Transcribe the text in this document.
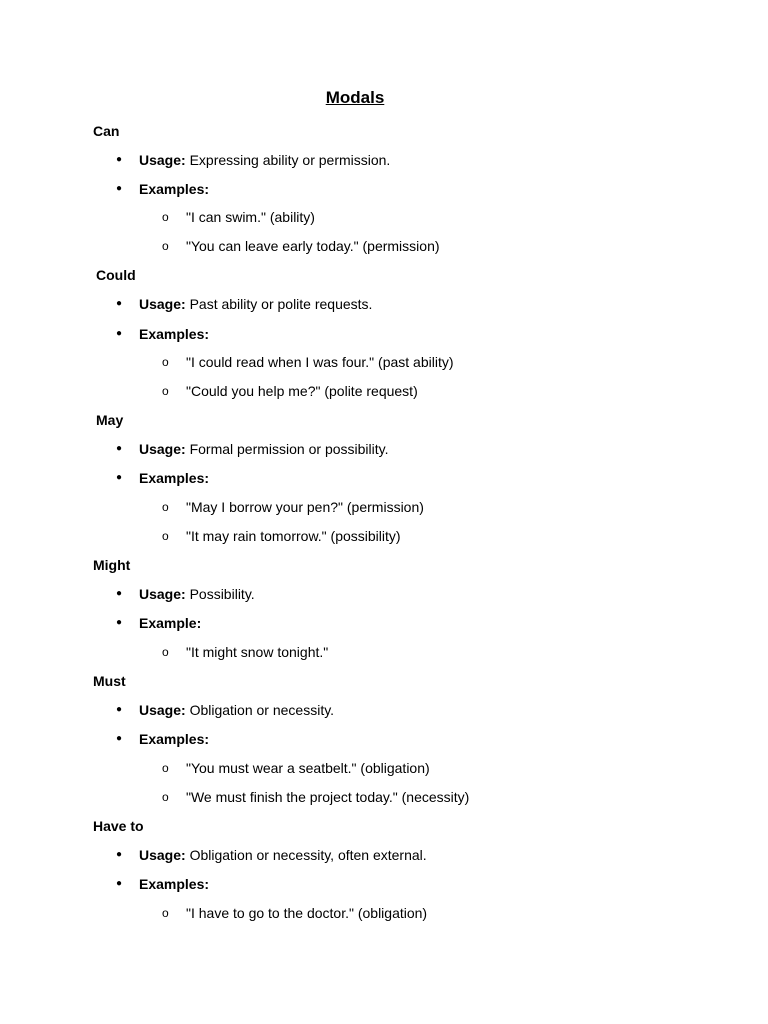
Modals
Can
● Usage: Expressing ability or permission.
● Examples:
o "I can swim." (ability)
o "You can leave early today." (permission)
Could
● Usage: Past ability or polite requests.
● Examples:
o "I could read when I was four." (past ability)
o "Could you help me?" (polite request)
May
● Usage: Formal permission or possibility.
● Examples:
o "May I borrow your pen?" (permission)
o "It may rain tomorrow." (possibility)
Might
● Usage: Possibility.
● Example:
o "It might snow tonight."
Must
● Usage: Obligation or necessity.
● Examples:
o "You must wear a seatbelt." (obligation)
o "We must finish the project today." (necessity)
Have to
● Usage: Obligation or necessity, often external.
● Examples:
o "I have to go to the doctor." (obligation)
